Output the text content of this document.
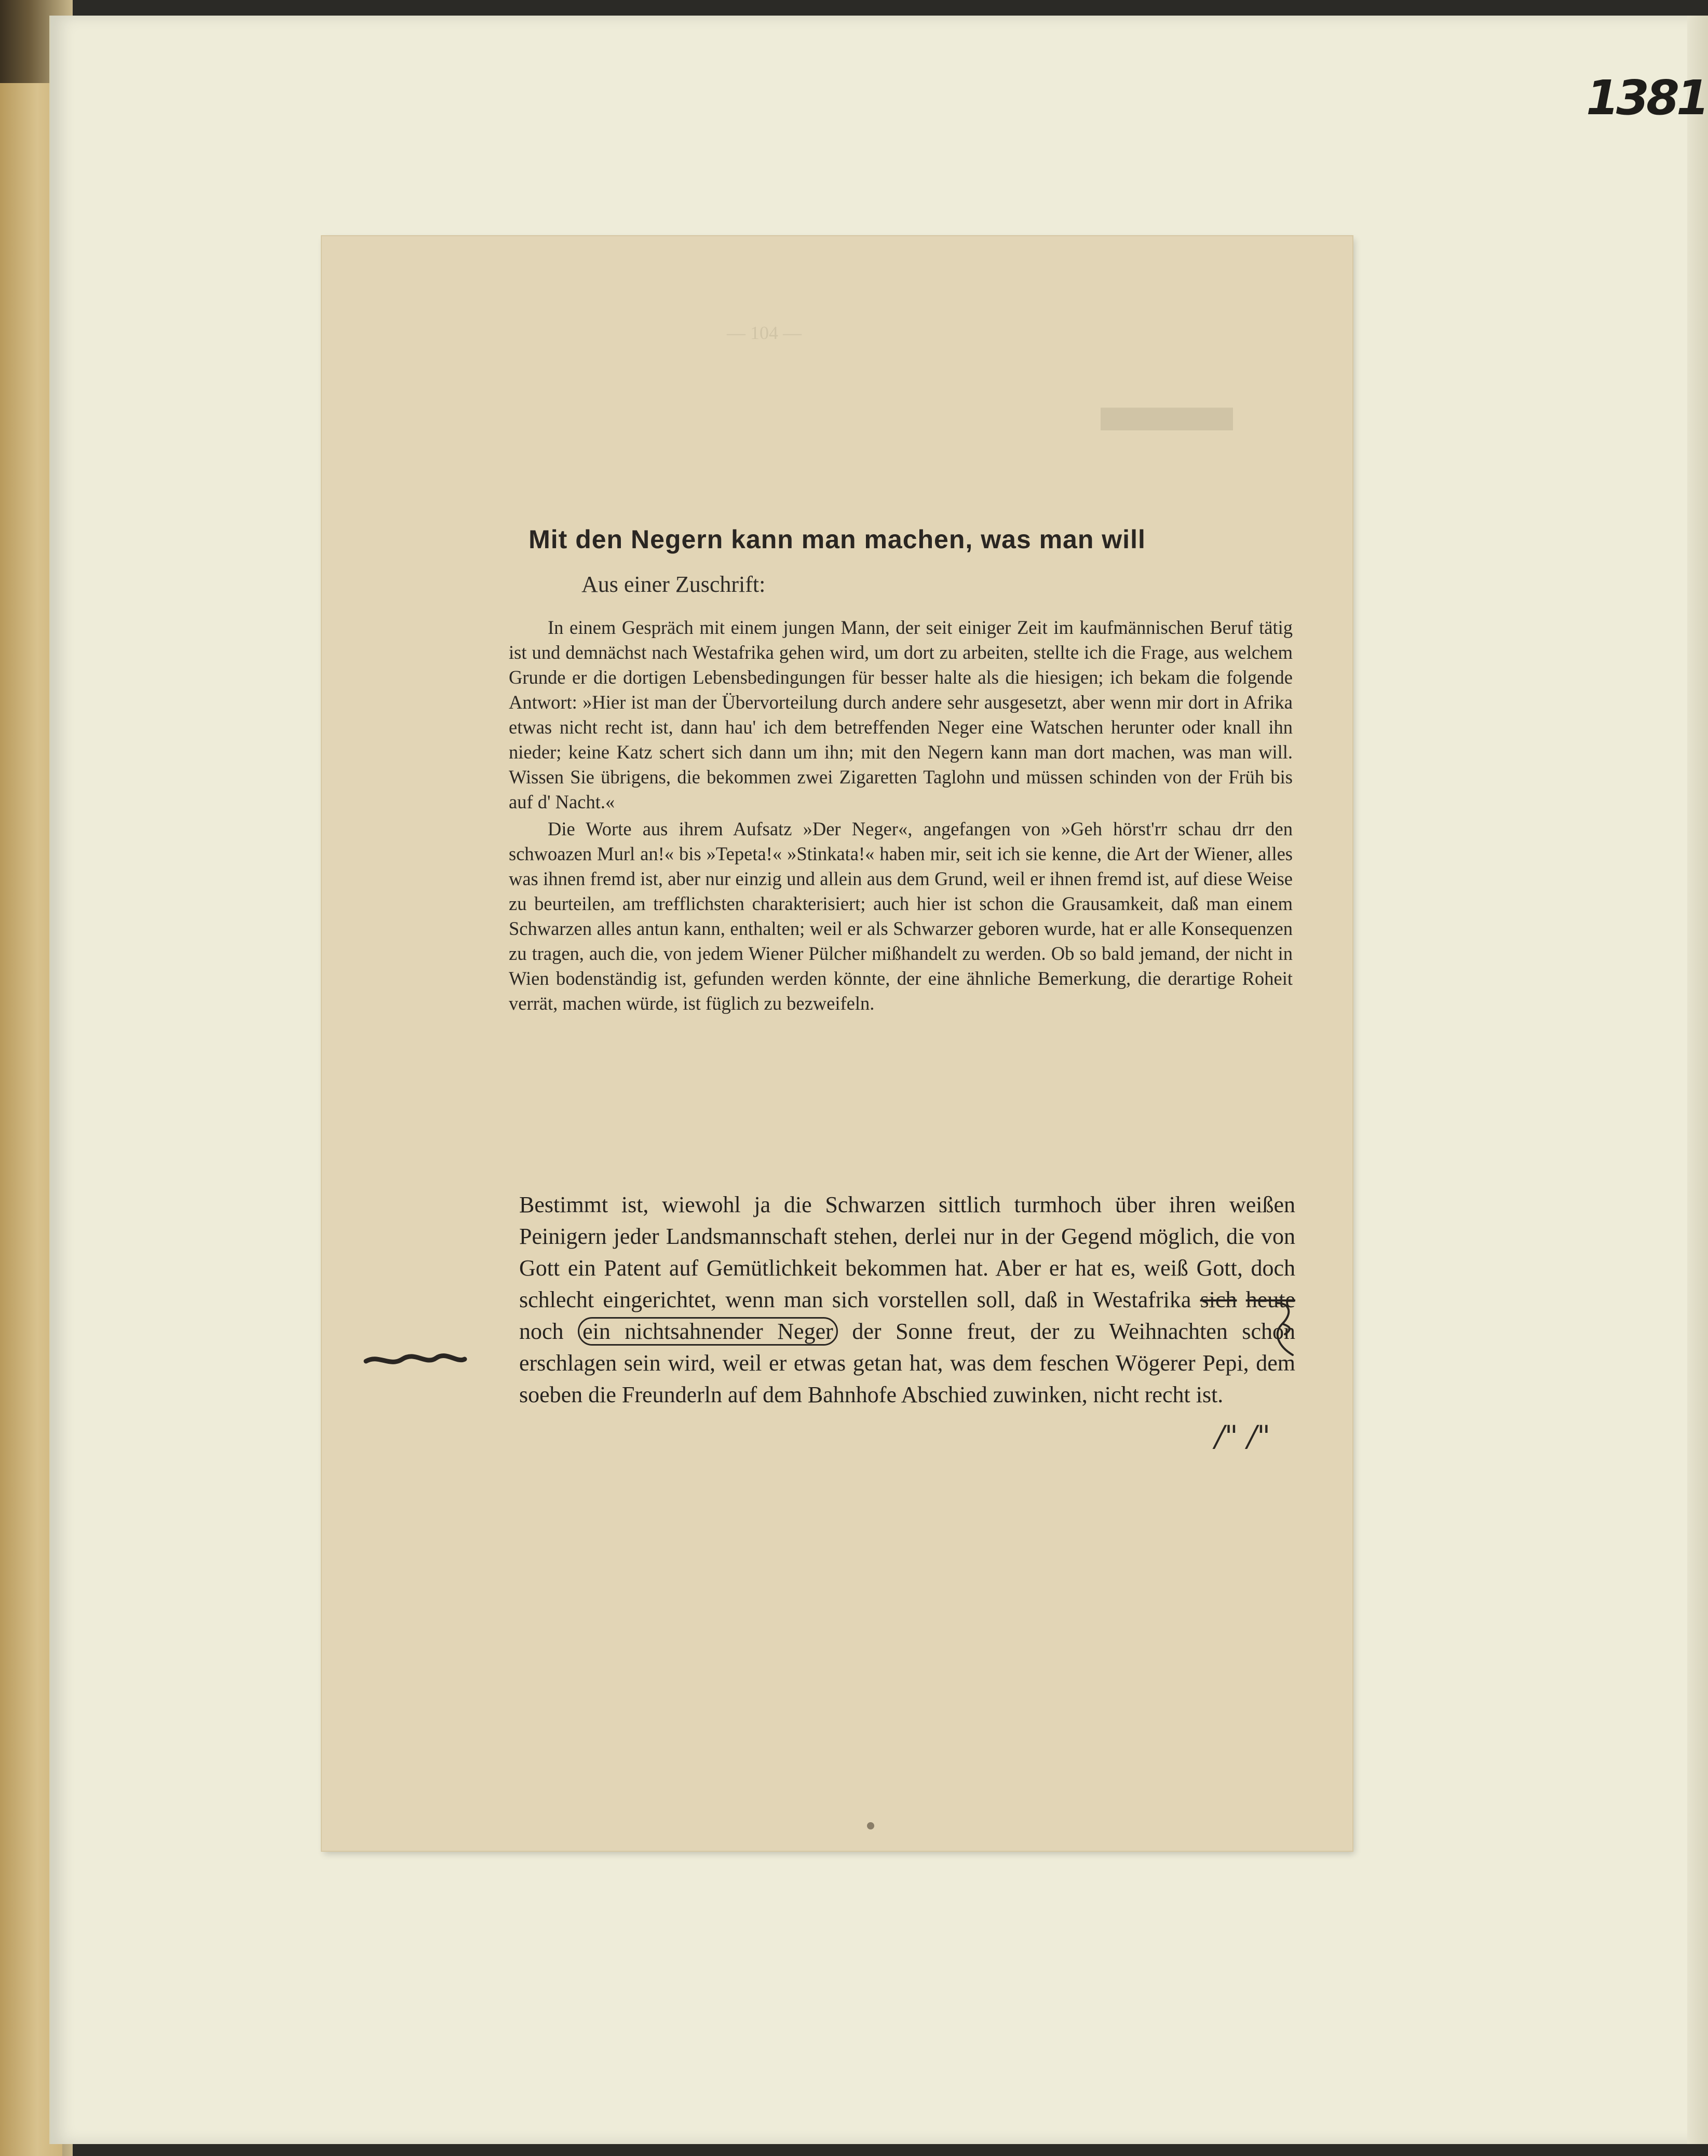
1381
— 104 —
██████████
Mit den Negern kann man machen, was man will
Aus einer Zuschrift:

In einem Gespräch mit einem jungen Mann, der seit einiger Zeit im kaufmännischen Beruf tätig ist und demnächst nach Westafrika gehen wird, um dort zu arbeiten, stellte ich die Frage, aus welchem Grunde er die dortigen Lebensbedingungen für besser halte als die hiesigen; ich bekam die folgende Antwort: »Hier ist man der Übervorteilung durch andere sehr ausgesetzt, aber wenn mir dort in Afrika etwas nicht recht ist, dann hau' ich dem betreffenden Neger eine Watschen herunter oder knall ihn nieder; keine Katz schert sich dann um ihn; mit den Negern kann man dort machen, was man will. Wissen Sie übrigens, die bekommen zwei Zigaretten Taglohn und müssen schinden von der Früh bis auf d' Nacht.«

Die Worte aus ihrem Aufsatz »Der Neger«, angefangen von »Geh hörst'rr schau drr den schwoazen Murl an!« bis »Tepeta!« »Stinkata!« haben mir, seit ich sie kenne, die Art der Wiener, alles was ihnen fremd ist, aber nur einzig und allein aus dem Grund, weil er ihnen fremd ist, auf diese Weise zu beurteilen, am trefflichsten charakterisiert; auch hier ist schon die Grausamkeit, daß man einem Schwarzen alles antun kann, enthalten; weil er als Schwarzer geboren wurde, hat er alle Konsequenzen zu tragen, auch die, von jedem Wiener Pülcher mißhandelt zu werden. Ob so bald jemand, der nicht in Wien bodenständig ist, gefunden werden könnte, der eine ähnliche Bemerkung, die derartige Roheit verrät, machen würde, ist füglich zu bezweifeln.

Bestimmt ist, wiewohl ja die Schwarzen sittlich turmhoch über ihren weißen Peinigern jeder Landsmannschaft stehen, derlei nur in der Gegend möglich, die von Gott ein Patent auf Gemütlichkeit bekommen hat. Aber er hat es, weiß Gott, doch schlecht eingerichtet, wenn man sich vorstellen soll, daß in Westafrika sich heute noch ein nichtsahnender Neger der Sonne freut, der zu Weihnachten schon erschlagen sein wird, weil er etwas getan hat, was dem feschen Wögerer Pepi, dem soeben die Freunderln auf dem Bahnhofe Abschied zuwinken, nicht recht ist.

/" /"
